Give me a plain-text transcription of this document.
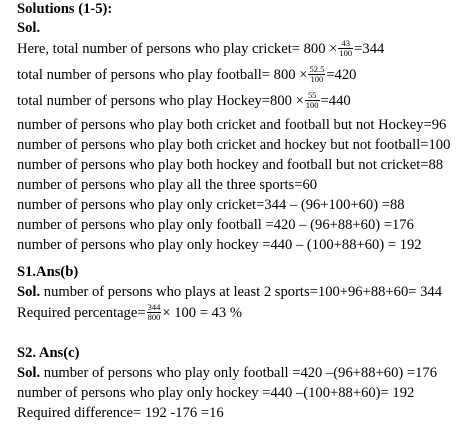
Solutions (1-5):
Sol.
Here, total number of persons who play cricket= $800 \times \frac{43}{100} =344$
total number of persons who play football= $800 \times \frac{52.5}{100} =420$
total number of persons who play Hockey=800 × $\frac{55}{100} =440$
number of persons who play both cricket and football but not Hockey=96
number of persons who play both cricket and hockey but not football=100
number of persons who play both hockey and football but not cricket=88
number of persons who play all the three sports=60
number of persons who play only cricket=344 – (96+100+60) =88
number of persons who play only football =420 – (96+88+60) =176
number of persons who play only hockey =440 – (100+88+60) = 192
S1.Ans(b)
Sol. number of persons who plays at least 2 sports=100+96+88+60= 344
Required percentage= $\frac{344}{800} \times 100 = 43$ %
S2. Ans(c)
Sol. number of persons who play only football =420 –(96+88+60) =176
number of persons who play only hockey =440 –(100+88+60)= 192
Required difference= 192 -176 =16
